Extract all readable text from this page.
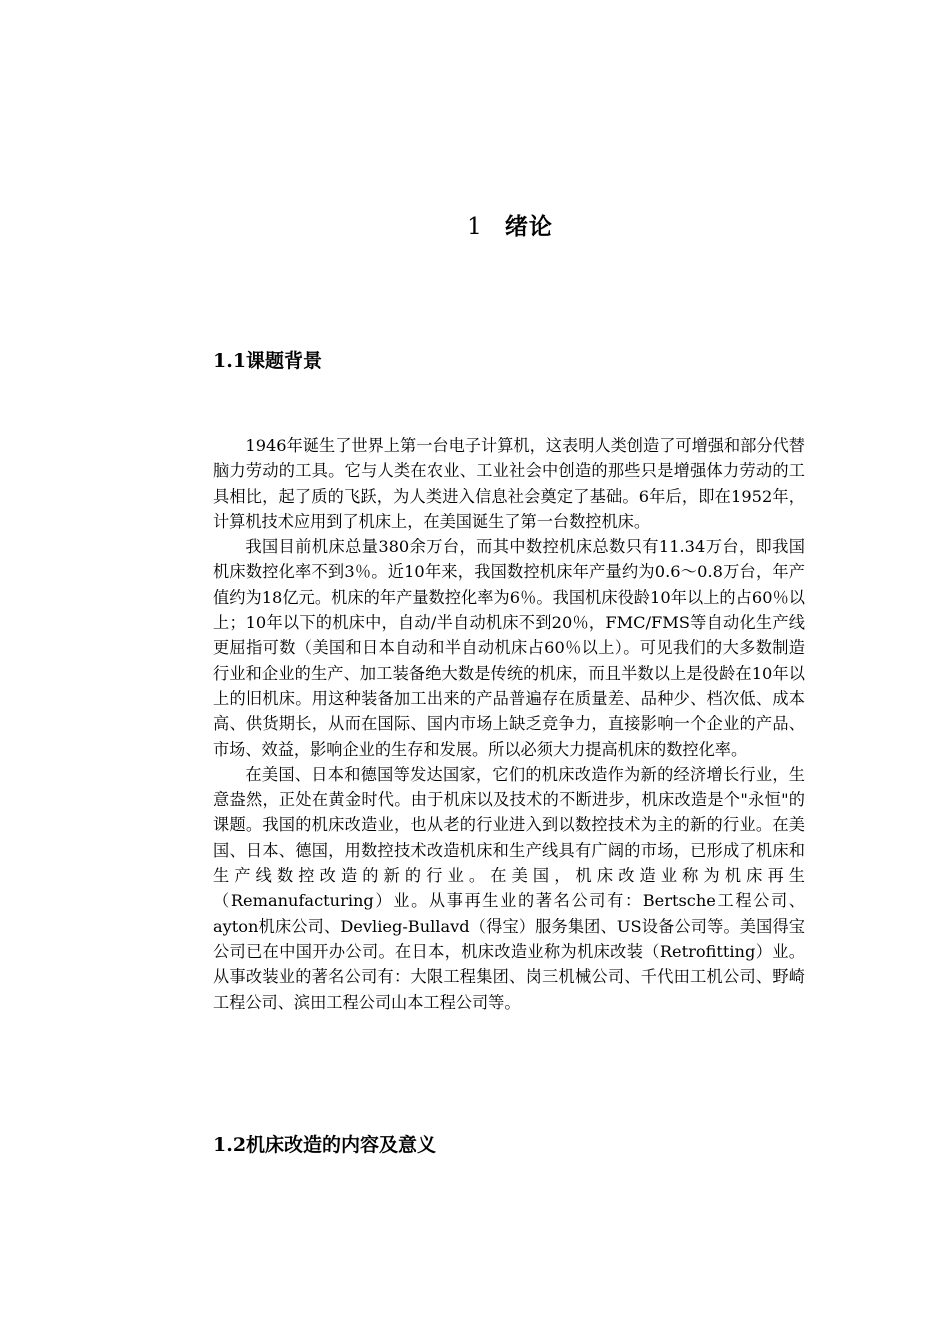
1 绪论
1.1课题背景

1946年诞生了世界上第一台电子计算机，这表明人类创造了可增强和部分代替脑力劳动的工具。它与人类在农业、工业社会中创造的那些只是增强体力劳动的工具相比，起了质的飞跃，为人类进入信息社会奠定了基础。6年后，即在1952年，计算机技术应用到了机床上，在美国诞生了第一台数控机床。

我国目前机床总量380余万台，而其中数控机床总数只有11.34万台，即我国机床数控化率不到3％。近10年来，我国数控机床年产量约为0.6～0.8万台，年产值约为18亿元。机床的年产量数控化率为6％。我国机床役龄10年以上的占60％以上；10年以下的机床中，自动/半自动机床不到20％，FMC/FMS等自动化生产线更屈指可数（美国和日本自动和半自动机床占60％以上）。可见我们的大多数制造行业和企业的生产、加工装备绝大数是传统的机床，而且半数以上是役龄在10年以上的旧机床。用这种装备加工出来的产品普遍存在质量差、品种少、档次低、成本高、供货期长，从而在国际、国内市场上缺乏竞争力，直接影响一个企业的产品、市场、效益，影响企业的生存和发展。所以必须大力提高机床的数控化率。

在美国、日本和德国等发达国家，它们的机床改造作为新的经济增长行业，生意盎然，正处在黄金时代。由于机床以及技术的不断进步，机床改造是个"永恒"的课题。我国的机床改造业，也从老的行业进入到以数控技术为主的新的行业。在美国、日本、德国，用数控技术改造机床和生产线具有广阔的市场，已形成了机床和生产线数控改造的新的行业。在美国，机床改造业称为机床再生（Remanufacturing）业。从事再生业的著名公司有：Bertsche工程公司、ayton机床公司、Devlieg-Bullavd（得宝）服务集团、US设备公司等。美国得宝公司已在中国开办公司。在日本，机床改造业称为机床改装（Retrofitting）业。从事改装业的著名公司有：大限工程集团、岗三机械公司、千代田工机公司、野崎工程公司、滨田工程公司山本工程公司等。

1.2机床改造的内容及意义
